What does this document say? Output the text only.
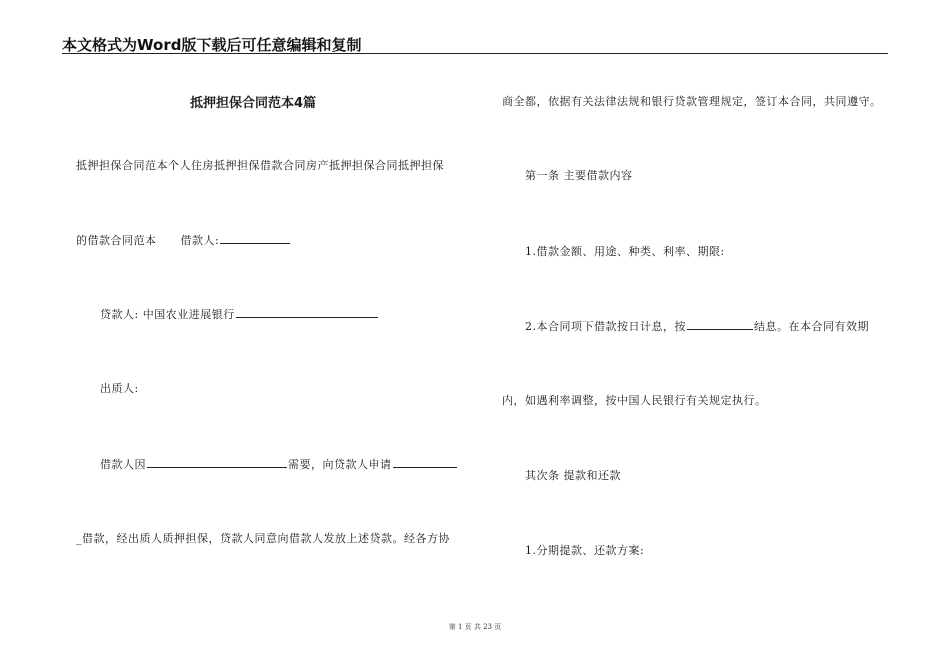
本文格式为Word版下载后可任意编辑和复制
抵押担保合同范本4篇
抵押担保合同范本个人住房抵押担保借款合同房产抵押担保合同抵押担保
的借款合同范本 借款人:
贷款人: 中国农业进展银行
出质人:
借款人因	需要，向贷款人申请
_借款，经出质人质押担保，贷款人同意向借款人发放上述贷款。经各方协
商全都，依据有关法律法规和银行贷款管理规定，签订本合同，共同遵守。
第一条 主要借款内容
1.借款金额、用途、种类、利率、期限:
2.本合同项下借款按日计息，按	结息。在本合同有效期
内，如遇利率调整，按中国人民银行有关规定执行。
其次条 提款和还款
1.分期提款、还款方案:
第 1 页 共 23 页
